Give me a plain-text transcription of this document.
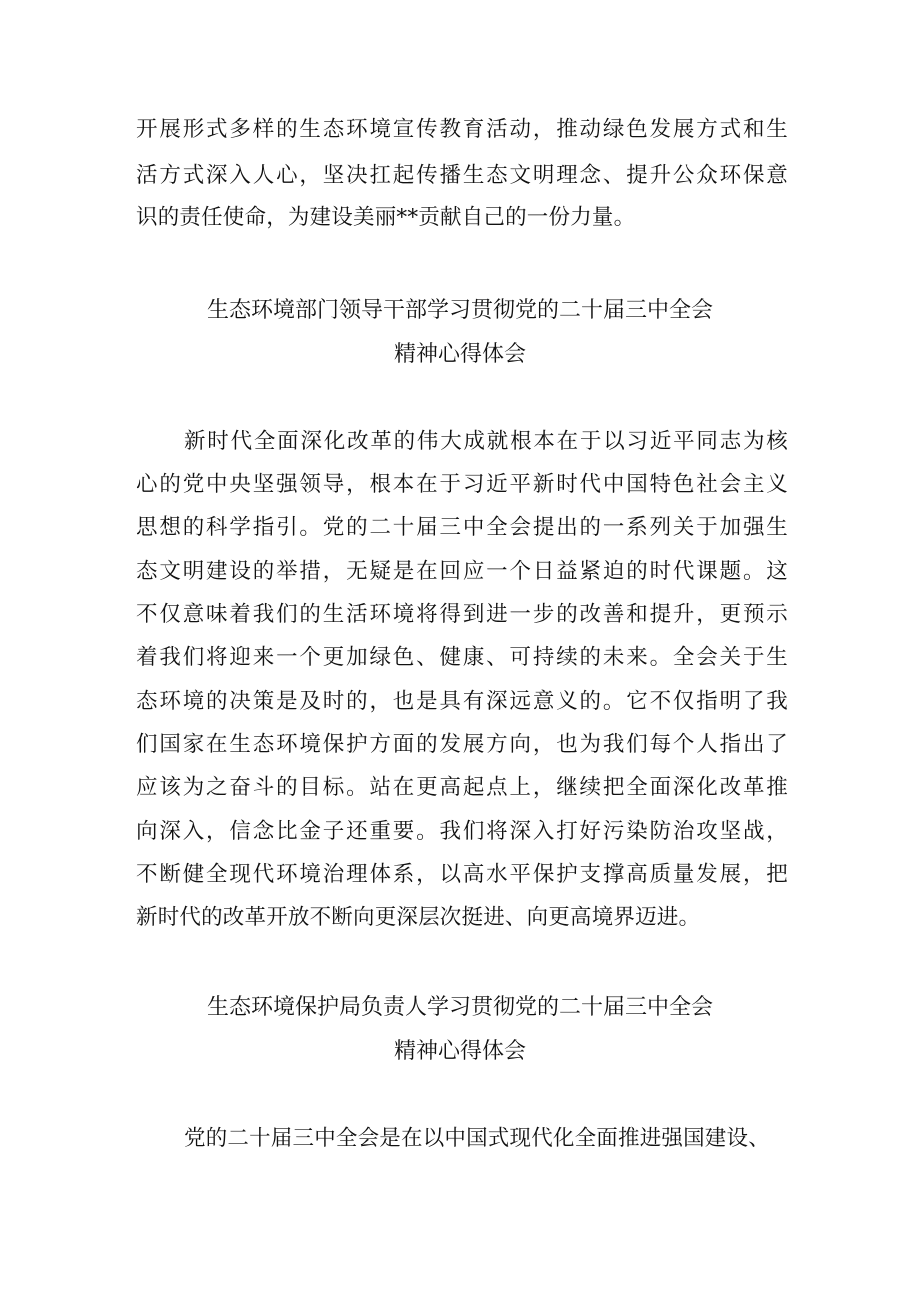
开展形式多样的生态环境宣传教育活动，推动绿色发展方式和生
活方式深入人心，坚决扛起传播生态文明理念、提升公众环保意
识的责任使命，为建设美丽**贡献自己的一份力量。
生态环境部门领导干部学习贯彻党的二十届三中全会
精神心得体会
新时代全面深化改革的伟大成就根本在于以习近平同志为核
心的党中央坚强领导，根本在于习近平新时代中国特色社会主义
思想的科学指引。党的二十届三中全会提出的一系列关于加强生
态文明建设的举措，无疑是在回应一个日益紧迫的时代课题。这
不仅意味着我们的生活环境将得到进一步的改善和提升，更预示
着我们将迎来一个更加绿色、健康、可持续的未来。全会关于生
态环境的决策是及时的，也是具有深远意义的。它不仅指明了我
们国家在生态环境保护方面的发展方向，也为我们每个人指出了
应该为之奋斗的目标。站在更高起点上，继续把全面深化改革推
向深入，信念比金子还重要。我们将深入打好污染防治攻坚战，
不断健全现代环境治理体系，以高水平保护支撑高质量发展，把
新时代的改革开放不断向更深层次挺进、向更高境界迈进。
生态环境保护局负责人学习贯彻党的二十届三中全会
精神心得体会
党的二十届三中全会是在以中国式现代化全面推进强国建设、
